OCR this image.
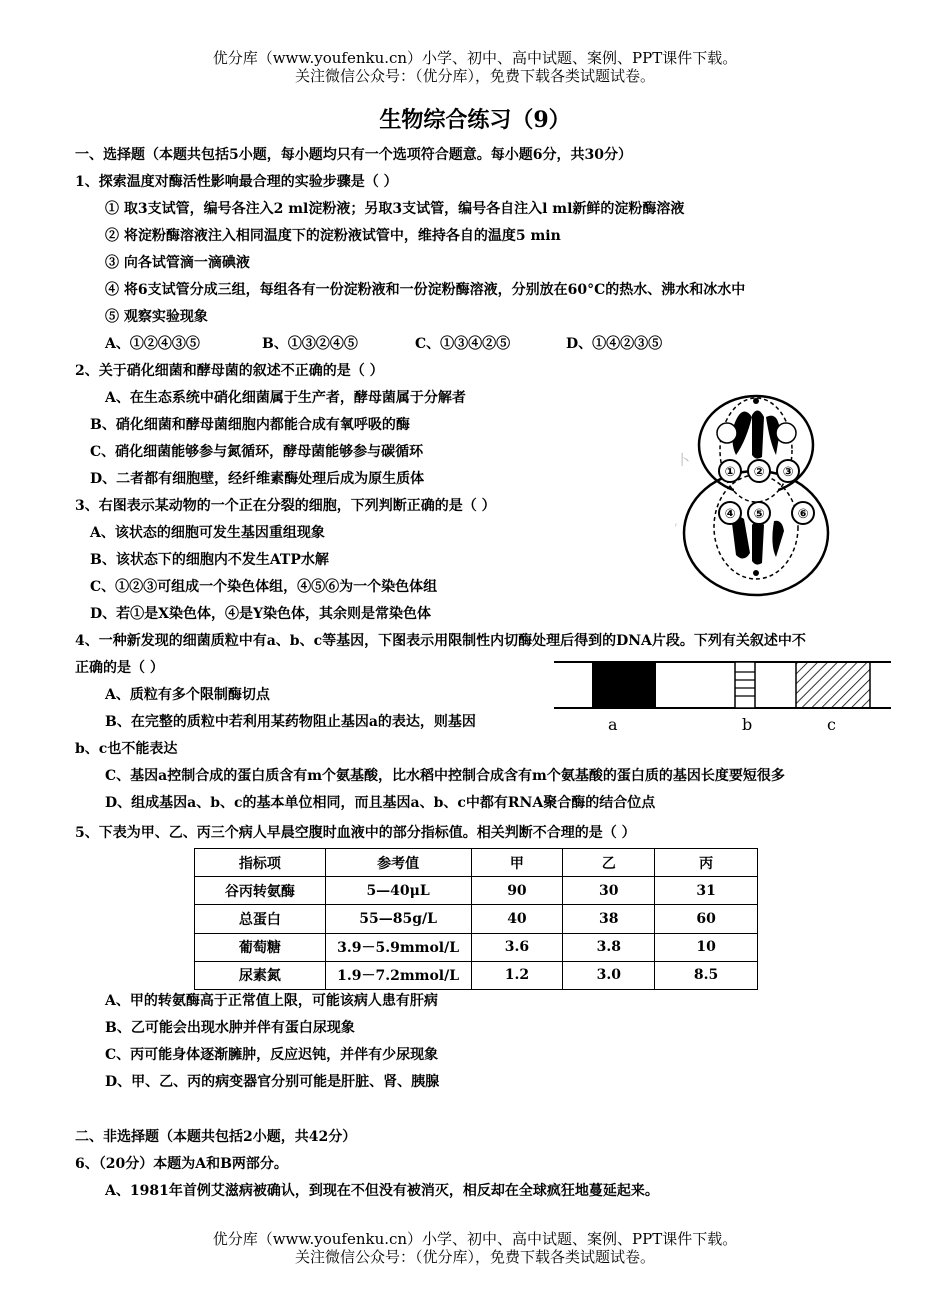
优分库（www.youfenku.cn）小学、初中、高中试题、案例、PPT课件下载。
关注微信公众号：（优分库），免费下载各类试题试卷。
生物综合练习（9）
一、选择题（本题共包括5小题，每小题均只有一个选项符合题意。每小题6分，共30分）
1、探索温度对酶活性影响最合理的实验步骤是（ ）
① 取3支试管，编号各注入2 ml淀粉液；另取3支试管，编号各自注入l ml新鲜的淀粉酶溶液
② 将淀粉酶溶液注入相同温度下的淀粉液试管中，维持各自的温度5 min
③ 向各试管滴一滴碘液
④ 将6支试管分成三组，每组各有一份淀粉液和一份淀粉酶溶液，分别放在60°C的热水、沸水和冰水中
⑤ 观察实验现象
A、①②④③⑤	B、①③②④⑤	C、①③④②⑤	D、①④②③⑤
2、关于硝化细菌和酵母菌的叙述不正确的是（ ）
A、在生态系统中硝化细菌属于生产者，酵母菌属于分解者
B、硝化细菌和酵母菌细胞内都能合成有氧呼吸的酶
C、硝化细菌能够参与氮循环，酵母菌能够参与碳循环
D、二者都有细胞壁，经纤维素酶处理后成为原生质体
3、右图表示某动物的一个正在分裂的细胞，下列判断正确的是（ ）
A、该状态的细胞可发生基因重组现象
B、该状态下的细胞内不发生ATP水解
C、①②③可组成一个染色体组，④⑤⑥为一个染色体组
D、若①是X染色体，④是Y染色体，其余则是常染色体
卜
,
① ② ③
④ ⑤	⑥
4、一种新发现的细菌质粒中有a、b、c等基因，下图表示用限制性内切酶处理后得到的DNA片段。下列有关叙述中不
正确的是（ ）
A、质粒有多个限制酶切点
B、在完整的质粒中若利用某药物阻止基因a的表达，则基因
b、c也不能表达
C、基因a控制合成的蛋白质含有m个氨基酸，比水稻中控制合成含有m个氨基酸的蛋白质的基因长度要短很多
D、组成基因a、b、c的基本单位相同，而且基因a、b、c中都有RNA聚合酶的结合位点
a	b	c
5、下表为甲、乙、丙三个病人早晨空腹时血液中的部分指标值。相关判断不合理的是（ ）
指标项	参考值	甲	乙	丙
谷丙转氨酶	5—40μL	90	30	31
总蛋白	55—85g/L	40	38	60
葡萄糖	3.9－5.9mmol/L	3.6	3.8	10
尿素氮	1.9－7.2mmol/L	1.2	3.0	8.5
A、甲的转氨酶高于正常值上限，可能该病人患有肝病
B、乙可能会出现水肿并伴有蛋白尿现象
C、丙可能身体逐渐臃肿，反应迟钝，并伴有少尿现象
D、甲、乙、丙的病变器官分别可能是肝脏、肾、胰腺
二、非选择题（本题共包括2小题，共42分）
6、（20分）本题为A和B两部分。
A、1981年首例艾滋病被确认，到现在不但没有被消灭，相反却在全球疯狂地蔓延起来。
优分库（www.youfenku.cn）小学、初中、高中试题、案例、PPT课件下载。
关注微信公众号：（优分库），免费下载各类试题试卷。
